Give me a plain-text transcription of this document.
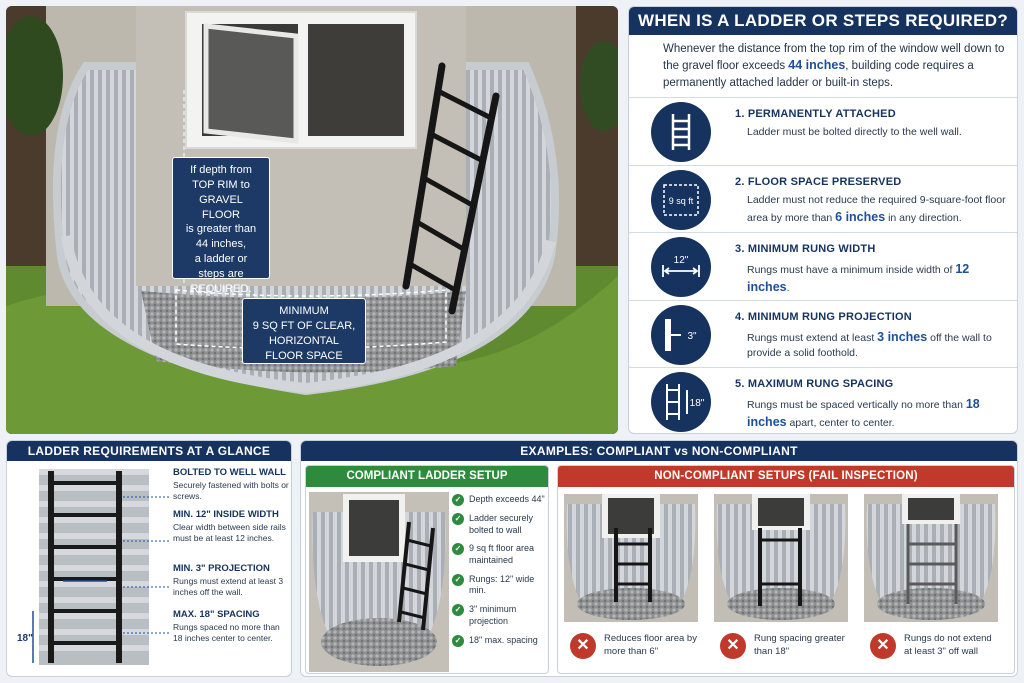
If depth from
TOP RIM to
GRAVEL FLOOR
is greater than
44 inches,
a ladder or
steps are
REQUIRED.
MINIMUM
9 SQ FT OF CLEAR,
HORIZONTAL
FLOOR SPACE
WHEN IS A LADDER OR STEPS REQUIRED?
Whenever the distance from the top rim of the window well down to the gravel floor exceeds 44 inches, building code requires a permanently attached ladder or built-in steps.
1. PERMANENTLY ATTACHED
Ladder must be bolted directly to the well wall.
9 sq ft
2. FLOOR SPACE PRESERVED
Ladder must not reduce the required 9-square-foot floor area by more than 6 inches in any direction.
12"
3. MINIMUM RUNG WIDTH
Rungs must have a minimum inside width of 12 inches.
3"
4. MINIMUM RUNG PROJECTION
Rungs must extend at least 3 inches off the wall to provide a solid foothold.
18"
5. MAXIMUM RUNG SPACING
Rungs must be spaced vertically no more than 18 inches apart, center to center.
LADDER REQUIREMENTS AT A GLANCE
18"
BOLTED TO WELL WALL
Securely fastened with bolts or screws.
MIN. 12" INSIDE WIDTH
Clear width between side rails must be at least 12 inches.
MIN. 3" PROJECTION
Rungs must extend at least 3 inches off the wall.
MAX. 18" SPACING
Rungs spaced no more than 18 inches center to center.
EXAMPLES: COMPLIANT vs NON-COMPLIANT
COMPLIANT LADDER SETUP
✓ Depth exceeds 44"
✓ Ladder securely bolted to wall
✓ 9 sq ft floor area maintained
✓ Rungs: 12" wide min.
✓ 3" minimum projection
✓ 18" max. spacing
NON-COMPLIANT SETUPS (FAIL INSPECTION)
✕	Reduces floor area by more than 6"	✕	Rung spacing greater than 18"	✕	Rungs do not extend at least 3" off wall
